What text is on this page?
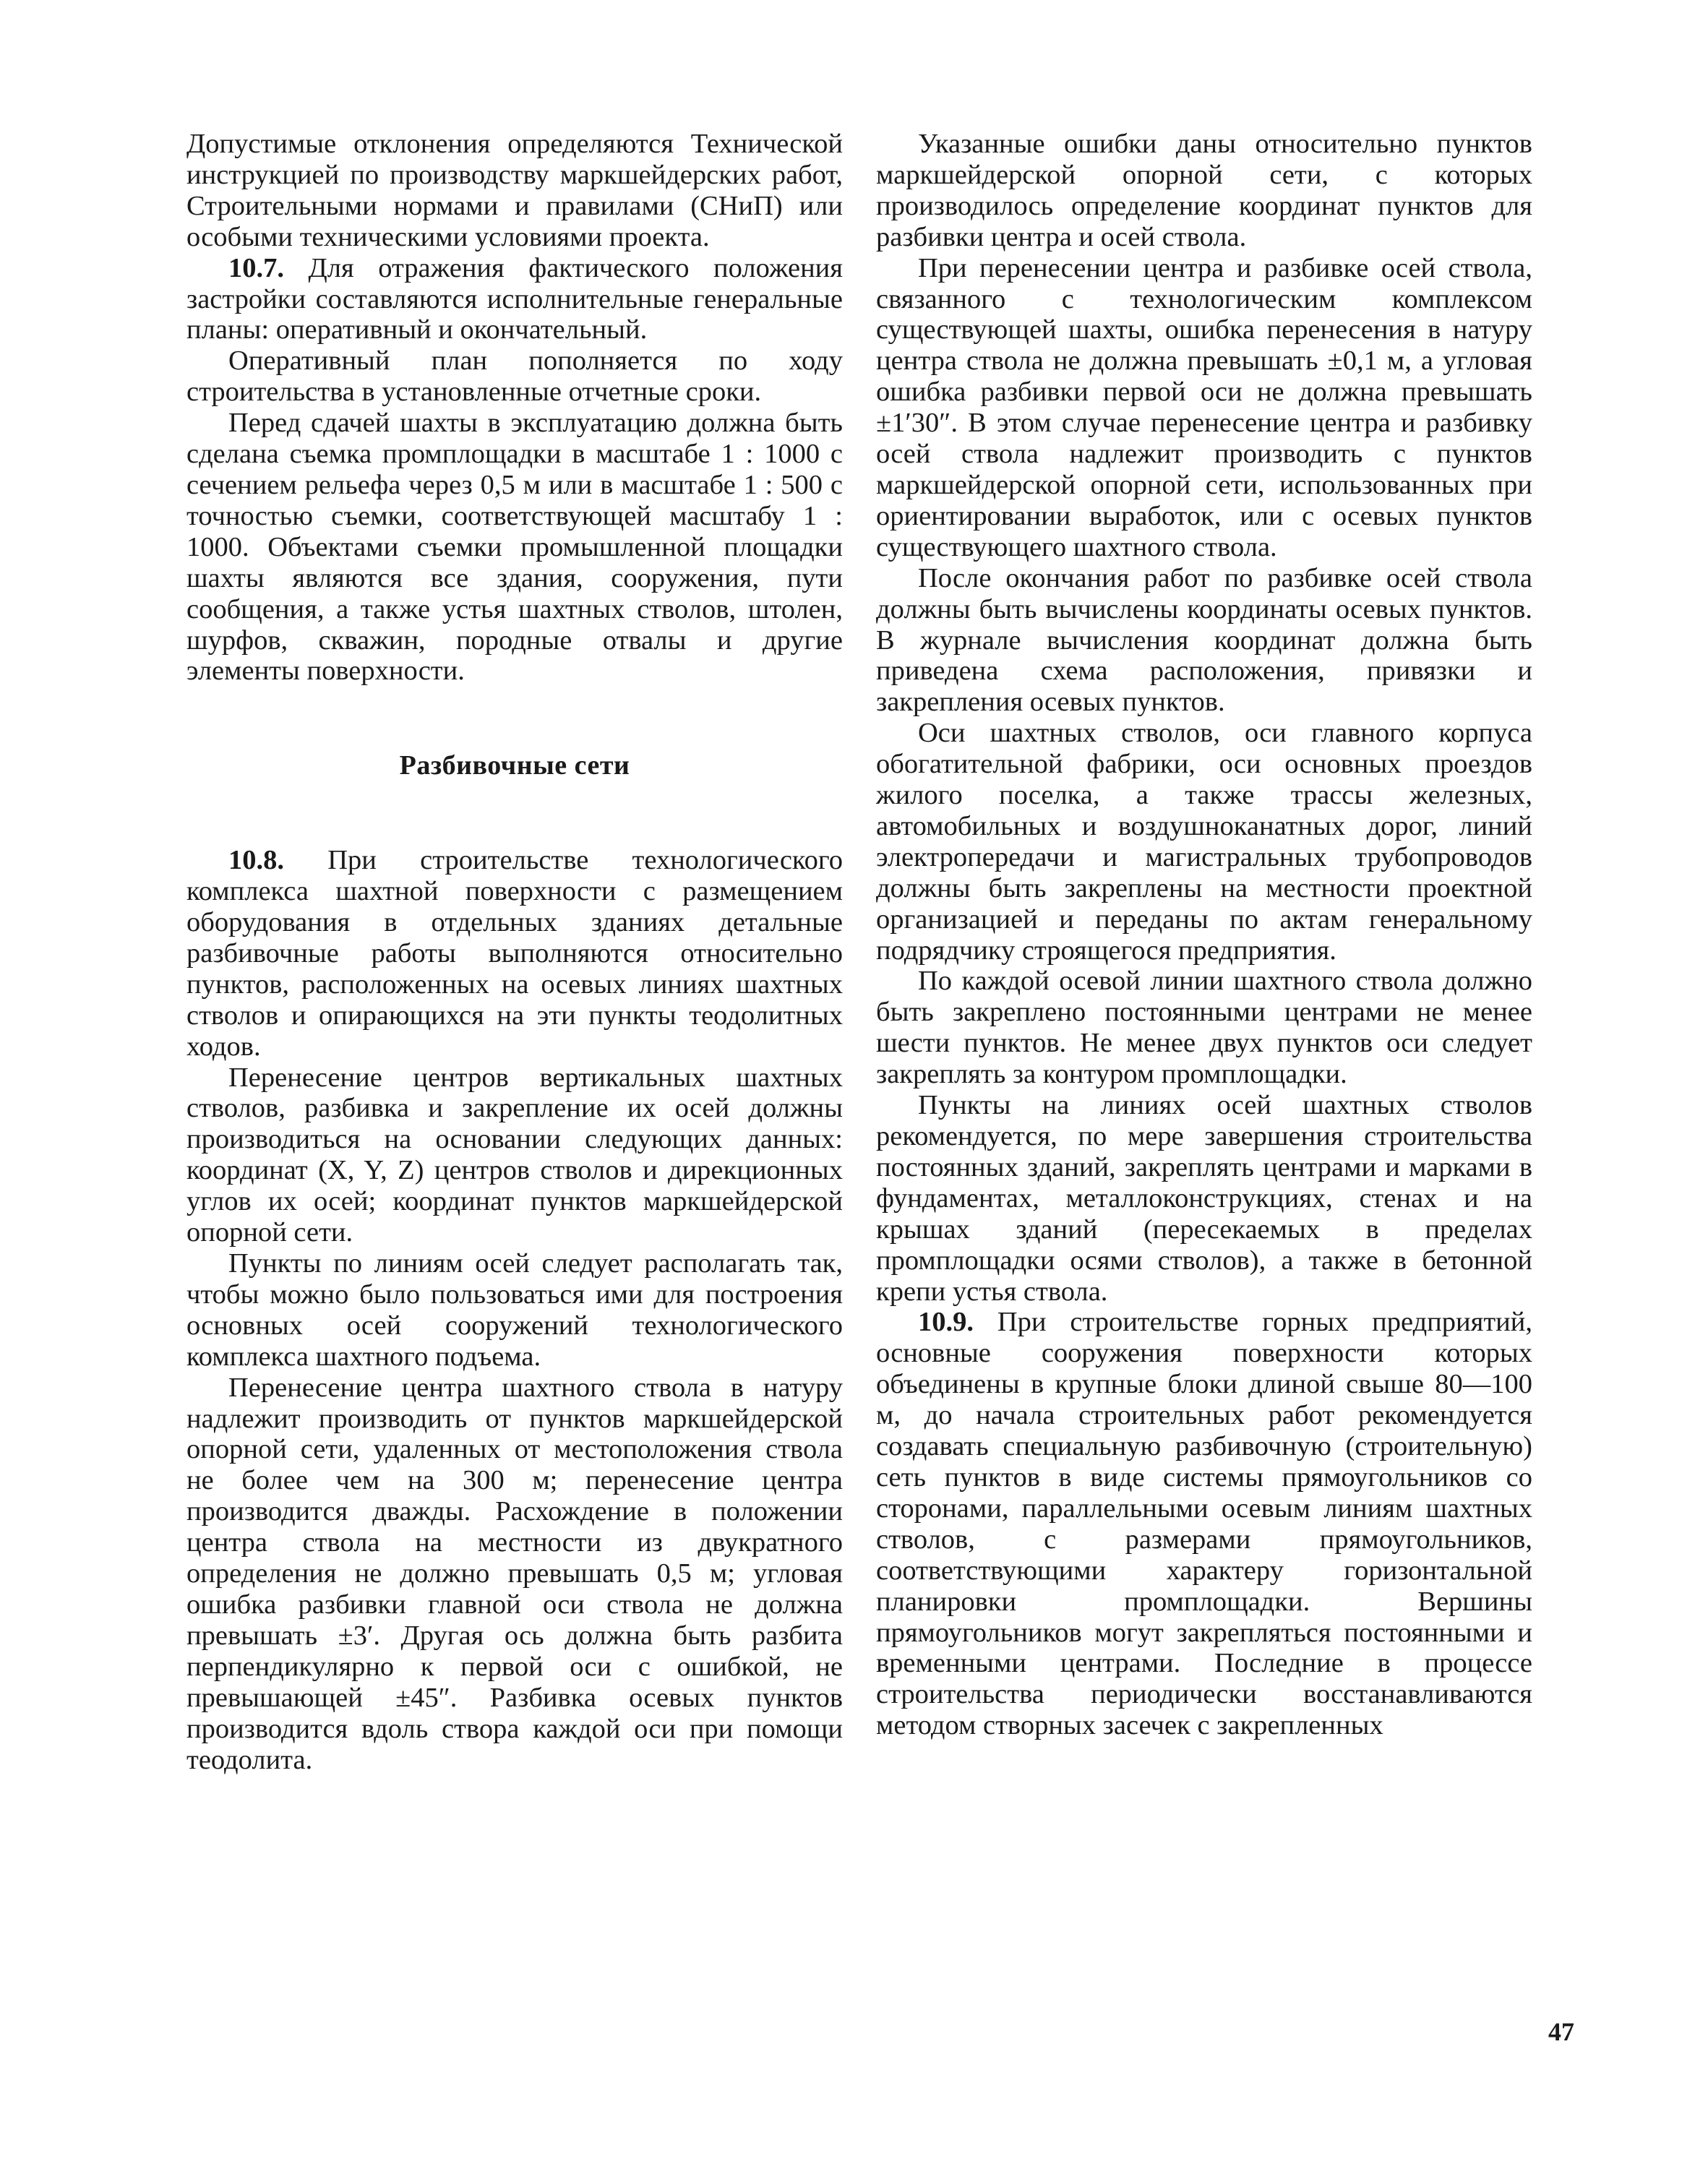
Допустимые отклонения определяются Технической инструкцией по производству маркшейдерских работ, Строительными нормами и правилами (СНиП) или особыми техническими условиями проекта.

10.7. Для отражения фактического положения застройки составляются исполнительные генеральные планы: оперативный и окончательный.

Оперативный план пополняется по ходу строительства в установленные отчетные сроки.

Перед сдачей шахты в эксплуатацию должна быть сделана съемка промплощадки в масштабе 1 : 1000 с сечением рельефа через 0,5 м или в масштабе 1 : 500 с точностью съемки, соответствующей масштабу 1 : 1000. Объектами съемки промышленной площадки шахты являются все здания, сооружения, пути сообщения, а также устья шахтных стволов, штолен, шурфов, скважин, породные отвалы и другие элементы поверхности.

Разбивочные сети

10.8. При строительстве технологического комплекса шахтной поверхности с размещением оборудования в отдельных зданиях детальные разбивочные работы выполняются относительно пунктов, расположенных на осевых линиях шахтных стволов и опирающихся на эти пункты теодолитных ходов.

Перенесение центров вертикальных шахтных стволов, разбивка и закрепление их осей должны производиться на основании следующих данных: координат (X, Y, Z) центров стволов и дирекционных углов их осей; координат пунктов маркшейдерской опорной сети.

Пункты по линиям осей следует располагать так, чтобы можно было пользоваться ими для построения основных осей сооружений технологического комплекса шахтного подъема.

Перенесение центра шахтного ствола в натуру надлежит производить от пунктов маркшейдерской опорной сети, удаленных от местоположения ствола не более чем на 300 м; перенесение центра производится дважды. Расхождение в положении центра ствола на местности из двукратного определения не должно превышать 0,5 м; угловая ошибка разбивки главной оси ствола не должна превышать ±3′. Другая ось должна быть разбита перпендикулярно к первой оси с ошибкой, не превышающей ±45″. Разбивка осевых пунктов производится вдоль створа каждой оси при помощи теодолита.

Указанные ошибки даны относительно пунктов маркшейдерской опорной сети, с которых производилось определение координат пунктов для разбивки центра и осей ствола.

При перенесении центра и разбивке осей ствола, связанного с технологическим комплексом существующей шахты, ошибка перенесения в натуру центра ствола не должна превышать ±0,1 м, а угловая ошибка разбивки первой оси не должна превышать ±1′30″. В этом случае перенесение центра и разбивку осей ствола надлежит производить с пунктов маркшейдерской опорной сети, использованных при ориентировании выработок, или с осевых пунктов существующего шахтного ствола.

После окончания работ по разбивке осей ствола должны быть вычислены координаты осевых пунктов. В журнале вычисления координат должна быть приведена схема расположения, привязки и закрепления осевых пунктов.

Оси шахтных стволов, оси главного корпуса обогатительной фабрики, оси основных проездов жилого поселка, а также трассы железных, автомобильных и воздушноканатных дорог, линий электропередачи и магистральных трубопроводов должны быть закреплены на местности проектной организацией и переданы по актам генеральному подрядчику строящегося предприятия.

По каждой осевой линии шахтного ствола должно быть закреплено постоянными центрами не менее шести пунктов. Не менее двух пунктов оси следует закреплять за контуром промплощадки.

Пункты на линиях осей шахтных стволов рекомендуется, по мере завершения строительства постоянных зданий, закреплять центрами и марками в фундаментах, металлоконструкциях, стенах и на крышах зданий (пересекаемых в пределах промплощадки осями стволов), а также в бетонной крепи устья ствола.

10.9. При строительстве горных предприятий, основные сооружения поверхности которых объединены в крупные блоки длиной свыше 80—100 м, до начала строительных работ рекомендуется создавать специальную разбивочную (строительную) сеть пунктов в виде системы прямоугольников со сторонами, параллельными осевым линиям шахтных стволов, с размерами прямоугольников, соответствующими характеру горизонтальной планировки промплощадки. Вершины прямоугольников могут закрепляться постоянными и временными центрами. Последние в процессе строительства периодически восстанавливаются методом створных засечек с закрепленных

47
